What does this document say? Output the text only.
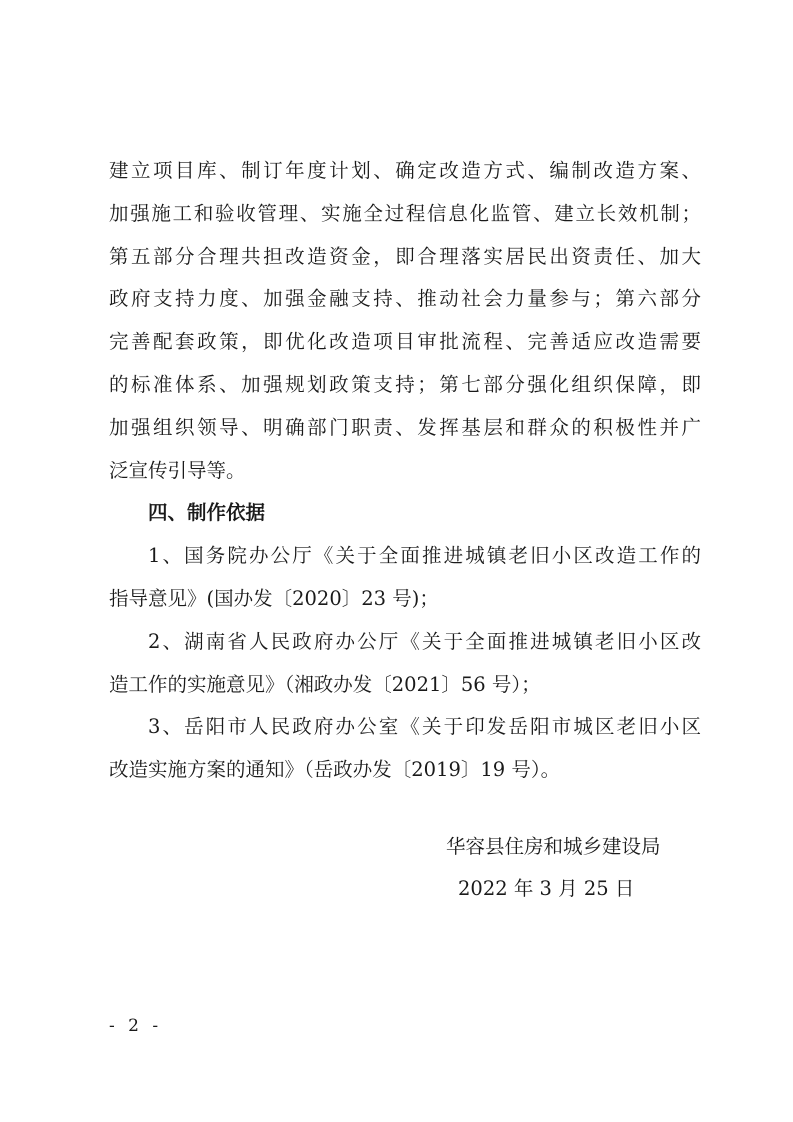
建立项目库、制订年度计划、确定改造方式、编制改造方案、
加强施工和验收管理、实施全过程信息化监管、建立长效机制；
第五部分合理共担改造资金，即合理落实居民出资责任、加大
政府支持力度、加强金融支持、推动社会力量参与；第六部分
完善配套政策，即优化改造项目审批流程、完善适应改造需要
的标准体系、加强规划政策支持；第七部分强化组织保障，即
加强组织领导、明确部门职责、发挥基层和群众的积极性并广
泛宣传引导等。
四、制作依据
1、国务院办公厅《关于全面推进城镇老旧小区改造工作的
指导意见》(国办发〔2020〕23 号)；
2、湖南省人民政府办公厅《关于全面推进城镇老旧小区改
造工作的实施意见》（湘政办发〔2021〕56 号）；
3、岳阳市人民政府办公室《关于印发岳阳市城区老旧小区
改造实施方案的通知》（岳政办发〔2019〕19 号）。
华容县住房和城乡建设局
2022 年 3 月 25 日
- 2 -
